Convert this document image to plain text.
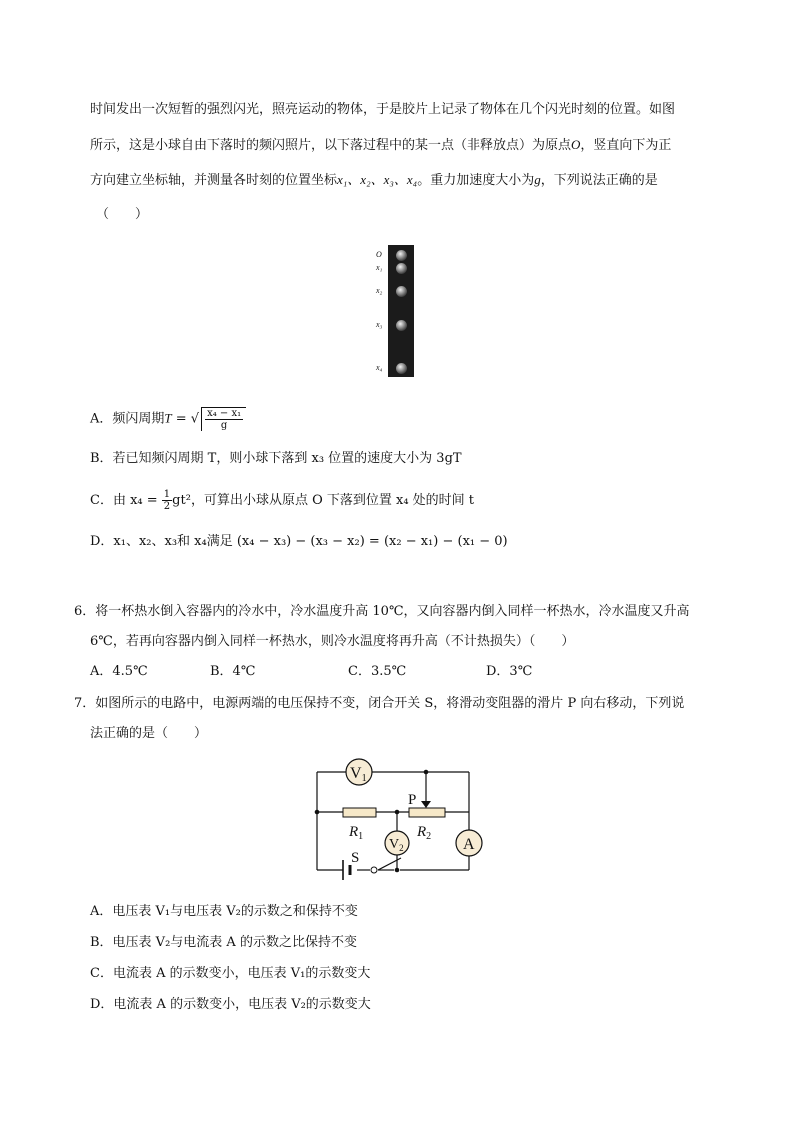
时间发出一次短暂的强烈闪光，照亮运动的物体，于是胶片上记录了物体在几个闪光时刻的位置。如图
所示，这是小球自由下落时的频闪照片，以下落过程中的某一点（非释放点）为原点O，竖直向下为正
方向建立坐标轴，并测量各时刻的位置坐标x₁、x₂、x₃、x₄。重力加速度大小为g，下列说法正确的是
（　　）
O
x₁
x₂
x₃
x₄
A．频闪周期T = √ $\frac{\text{x₄ − x₁}}{g}$
B．若已知频闪周期 T，则小球下落到 x₃ 位置的速度大小为 3gT
C．由 $x_4 = \frac{1}{2} gt^2$，可算出小球从原点 O 下落到位置 x₄ 处的时间 t
D．x₁、x₂、x₃和 x₄满足 (x₄ − x₃) − (x₃ − x₂) = (x₂ − x₁) − (x₁ − 0)
6．将一杯热水倒入容器内的冷水中，冷水温度升高 10℃，又向容器内倒入同样一杯热水，冷水温度又升高
6℃，若再向容器内倒入同样一杯热水，则冷水温度将再升高（不计热损失）（　　）
A．4.5℃	B．4℃	C．3.5℃	D．3℃
7．如图所示的电路中，电源两端的电压保持不变，闭合开关 S，将滑动变阻器的滑片 P 向右移动，下列说
法正确的是（　　）
V1
$V_2$	A
P
$R_1$	$R_2$
S
A．电压表 V₁与电压表 V₂的示数之和保持不变
B．电压表 V₂与电流表 A 的示数之比保持不变
C．电流表 A 的示数变小，电压表 V₁的示数变大
D．电流表 A 的示数变小，电压表 V₂的示数变大
